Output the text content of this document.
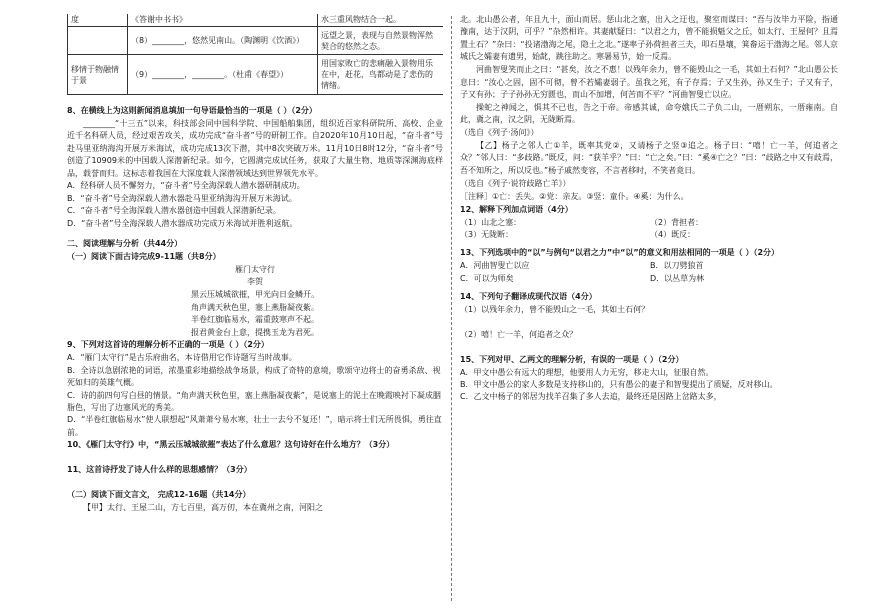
度	《答谢中书书》	水三重风物结合一起。
	（8）________，悠然见南山。（陶渊明《饮酒》）	远望之景，表现与自然景物浑然契合的悠然之态。
移情于物融情于景	（9）________，________。（杜甫《春望》）	用国家败亡的悲痛融入景物用乐在中，赶花，鸟都动是了悲伤的情绪。

8、在横线上为这则新闻消息填加一句导语最恰当的一项是（ ）（2分）

________“十三五”以来，科技部会同中国科学院、中国船舶集团，组织近百家科研院所、高校、企业近千名科研人员，经过艰苦攻关，成功完成“奋斗者”号的研制工作。自2020年10月10日起，“奋斗者”号赴马里亚纳海沟开展万米海试，成功完成13次下潜，其中8次突破万米。11月10日8时12分，“奋斗者”号创造了10909米的中国载人深潜新纪录。如今，它圆满完成试任务，获取了大量生物、地质等深渊海底样品，载誉而归。这标志着我国在大深度载人深潜领域达到世界领先水平。

A．经科研人员不懈努力，“奋斗者”号全海深载人潜水器研制成功。

B．“奋斗者”号全海深载人潜水器赴马里亚纳海沟开展万米海试。

C．“奋斗者”号全海深载人潜水器创造中国载人深潜新纪录。

D．“奋斗者”号全海深载人潜水器成功完成万米海试并胜利返航。

二、阅读理解与分析（共44分）

（一）阅读下面古诗完成9-11题（共8分）

雁门太守行

李贺

黑云压城城欲摧，甲光向日金鳞开。

角声满天秋色里，塞上燕脂凝夜紫。

半卷红旗临易水，霜重鼓寒声不起。

报君黄金台上意，提携玉龙为君死。

9、下列对这首诗的理解分析不正确的一项是（ ）（2分）

A．“雁门太守行”是古乐府曲名，本诗借用它作诗题写当时战事。

B．全诗以急剧浓艳的词语，浓墨重彩地描绘战争场景，构成了奇特的意境，歌颂守边将士的奋勇杀敌、视死如归的英雄气概。

C．诗的前四句写白昼的情景。“角声满天秋色里，塞上燕脂凝夜紫”，是说塞上的泥土在晚霞映衬下凝成胭脂色，写出了边塞风光的秀美。

D．“半卷红旗临易水”使人联想起“风萧萧兮易水寒，壮士一去兮不复还！”，暗示将士们无所畏惧，勇往直前。

10、《雁门太守行》中，“黑云压城城欲摧”表达了什么意思？这句诗好在什么地方？（3分）

11、这首诗抒发了诗人什么样的思想感情？（3分）

（二）阅读下面文言文， 完成12-16题（共14分）

【甲】太行、王屋二山，方七百里，高万仞，本在冀州之南，河阳之

北。北山愚公者，年且九十，面山而居。惩山北之塞，出入之迂也，聚室而谋曰：“吾与汝毕力平险，指通豫南，达于汉阴，可乎？”杂然相许。其妻献疑曰：“以君之力，曾不能损魁父之丘，如太行、王屋何？且焉置土石？”杂曰：“投诸渤海之尾，隐土之北。”遂率子孙荷担者三夫，叩石垦壤，箕畚运于渤海之尾。邻人京城氏之孀妻有遗男，始龀，跳往助之。寒暑易节，始一反焉。

河曲智叟笑而止之曰：“甚矣，汝之不惠！以残年余力，曾不能毁山之一毛，其如土石何？”北山愚公长息曰：“汝心之固，固不可彻，曾不若孀妻弱子。虽我之死，有子存焉；子又生孙，孙又生子；子又有子，子又有孙；子子孙孙无穷匮也，而山不加增，何苦而不平？”河曲智叟亡以应。

操蛇之神闻之，惧其不已也，告之于帝。帝感其诚，命夸娥氏二子负二山，一厝朔东，一厝雍南。自此，冀之南，汉之阴，无陇断焉。

（选自《列子·汤问》）

【乙】杨子之邻人亡①羊，既率其党②，又请杨子之竖③追之。杨子曰：“嘻！亡一羊，何追者之众？”邻人曰：“多歧路。”既反，问：“获羊乎？”曰：“亡之矣。”曰：“奚④亡之？”曰：“歧路之中又有歧焉，吾不知所之，所以反也。”杨子戚然变容，不言者移时，不笑者竟日。

（选自《列子·说符歧路亡羊》）

［注释］①亡：丢失。②党：亲友。③竖：童仆。④奚：为什么。

12、解释下列加点词语（4分）

（1）山北之塞：	（2）背担者：
（3）无陇断：	（4）既反：

13、下列选项中的“以”与例句“以君之力”中“以”的意义和用法相同的一项是（ ）（2分）

A．河曲智叟亡以应	B．以刀劈狼首
C．可以为师矣	D．以丛草为林

14、下列句子翻译成现代汉语（4分）

（1）以残年余力，曾不能毁山之一毛，其如土石何？

（2）嘻！亡一羊，何追者之众？

15、下列对甲、乙两文的理解分析，有误的一项是（ ）（2分）

A．甲文中愚公有远大的理想，他要用人力无穷，移走大山，征服自然。

B．甲文中愚公的家人多数是支持移山的，只有愚公的妻子和智叟提出了质疑，反对移山。

C．乙文中杨子的邻居为找羊召集了多人去追，最终还是因路上岔路太多，
